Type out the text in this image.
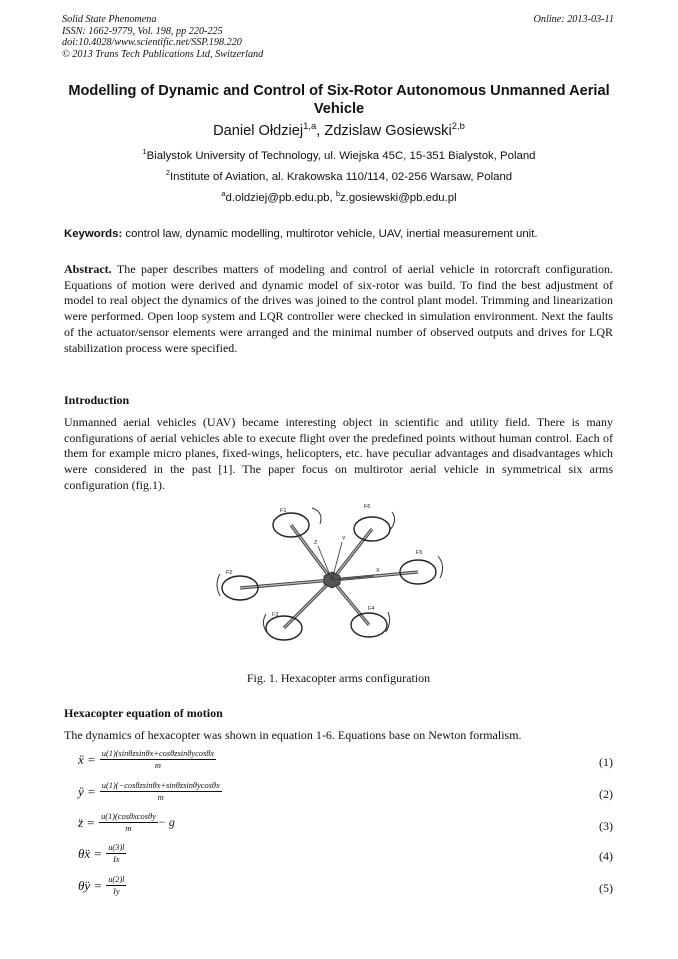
Solid State Phenomena
ISSN: 1662-9779, Vol. 198, pp 220-225
doi:10.4028/www.scientific.net/SSP.198.220
© 2013 Trans Tech Publications Ltd, Switzerland
Online: 2013-03-11
Modelling of Dynamic and Control of Six-Rotor Autonomous Unmanned Aerial Vehicle
Daniel Ołdziej$^{1,a}$, Zdzislaw Gosiewski$^{2,b}$
$^1$Bialystok University of Technology, ul. Wiejska 45C, 15-351 Bialystok, Poland
$^2$Institute of Aviation, al. Krakowska 110/114, 02-256 Warsaw, Poland
$^a$d.oldziej@pb.edu.pb, $^b$z.gosiewski@pb.edu.pl
Keywords: control law, dynamic modelling, multirotor vehicle, UAV, inertial measurement unit.
Abstract. The paper describes matters of modeling and control of aerial vehicle in rotorcraft configuration. Equations of motion were derived and dynamic model of six-rotor was build. To find the best adjustment of model to real object the dynamics of the drives was joined to the control plant model. Trimming and linearization were performed. Open loop system and LQR controller were checked in simulation environment. Next the faults of the actuator/sensor elements were arranged and the minimal number of observed outputs and drives for LQR stabilization process were specified.
Introduction
Unmanned aerial vehicles (UAV) became interesting object in scientific and utility field. There is many configurations of aerial vehicles able to execute flight over the predefined points without human control. Each of them for example micro planes, fixed-wings, helicopters, etc. have peculiar advantages and disadvantages which were considered in the past [1]. The paper focus on multirotor aerial vehicle in symmetrical six arms configuration (fig.1).
F1
F6
F5
F4
F3
F2	X
Y
Z
Fig. 1. Hexacopter arms configuration
Hexacopter equation of motion
The dynamics of hexacopter was shown in equation 1-6. Equations base on Newton formalism.
ẍ = $\frac{u(1)(\sin\theta zsin\theta x+\cos\theta zsin\theta ycos\theta x}{m}$	(1)
ÿ = $\frac{u(1)(-\cos\theta zsin\theta x+\sin\theta zsin\theta ycos\theta x}{m}$	(2)
z̈ = $\frac{u(1)(\cos\theta xcos\theta y}{m} - g$	(3)
θ̈x = $\frac{u(3)l}{Ix}$	(4)
θ̈y = $\frac{u(2)l}{Iy}$	(5)
